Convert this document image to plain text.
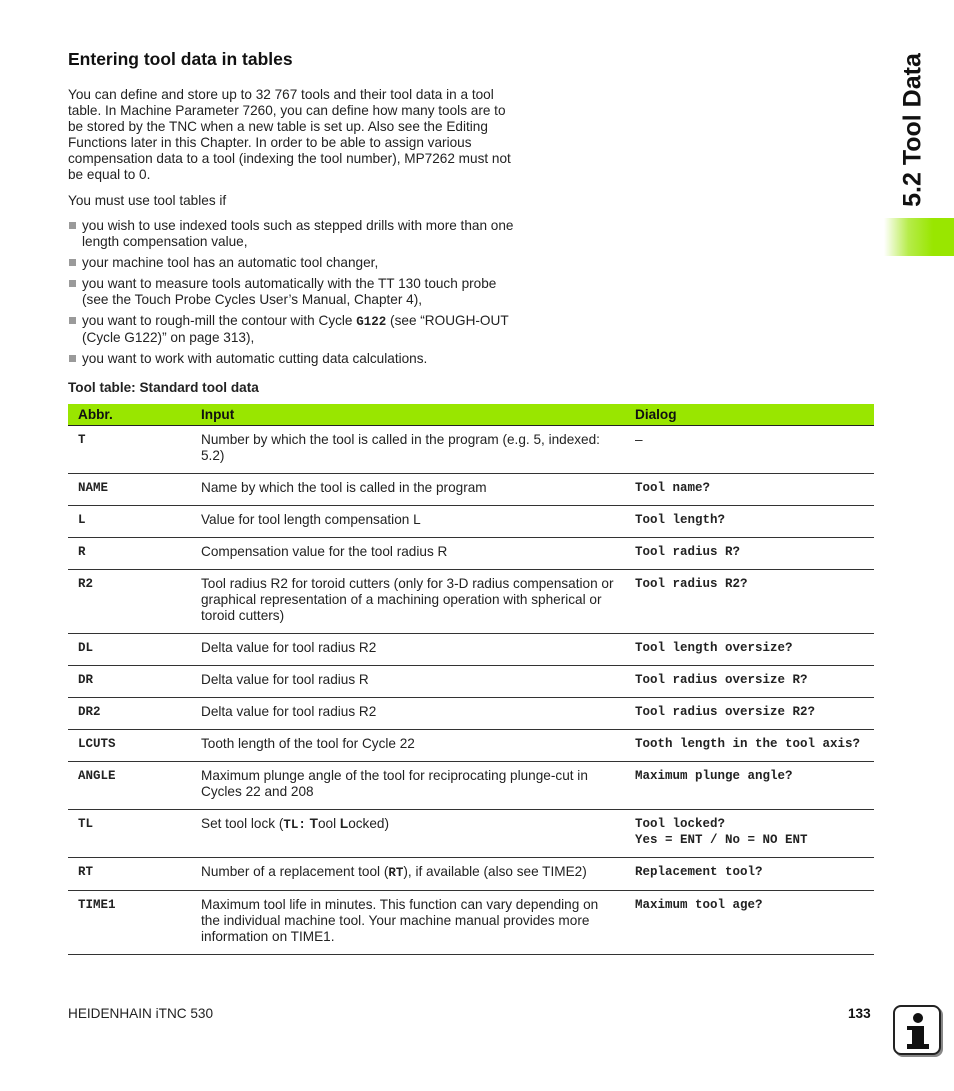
Entering tool data in tables
You can define and store up to 32 767 tools and their tool data in a tool table. In Machine Parameter 7260, you can define how many tools are to be stored by the TNC when a new table is set up. Also see the Editing Functions later in this Chapter. In order to be able to assign various compensation data to a tool (indexing the tool number), MP7262 must not be equal to 0.
You must use tool tables if
you wish to use indexed tools such as stepped drills with more than one length compensation value,
your machine tool has an automatic tool changer,
you want to measure tools automatically with the TT 130 touch probe (see the Touch Probe Cycles User’s Manual, Chapter 4),
you want to rough-mill the contour with Cycle G122 (see “ROUGH-OUT (Cycle G122)” on page 313),
you want to work with automatic cutting data calculations.
Tool table: Standard tool data
Abbr.	Input	Dialog
T	Number by which the tool is called in the program (e.g. 5, indexed: 5.2)	–
NAME	Name by which the tool is called in the program	Tool name?
L	Value for tool length compensation L	Tool length?
R	Compensation value for the tool radius R	Tool radius R?
R2	Tool radius R2 for toroid cutters (only for 3-D radius compensation or graphical representation of a machining operation with spherical or toroid cutters)	Tool radius R2?
DL	Delta value for tool radius R2	Tool length oversize?
DR	Delta value for tool radius R	Tool radius oversize R?
DR2	Delta value for tool radius R2	Tool radius oversize R2?
LCUTS	Tooth length of the tool for Cycle 22	Tooth length in the tool axis?
ANGLE	Maximum plunge angle of the tool for reciprocating plunge-cut in Cycles 22 and 208	Maximum plunge angle?
TL	Set tool lock (TL: Tool Locked)	Tool locked?
Yes = ENT / No = NO ENT
RT	Number of a replacement tool (RT), if available (also see TIME2)	Replacement tool?
TIME1	Maximum tool life in minutes. This function can vary depending on the individual machine tool. Your machine manual provides more information on TIME1.	Maximum tool age?
5.2 Tool Data
HEIDENHAIN iTNC 530	133
